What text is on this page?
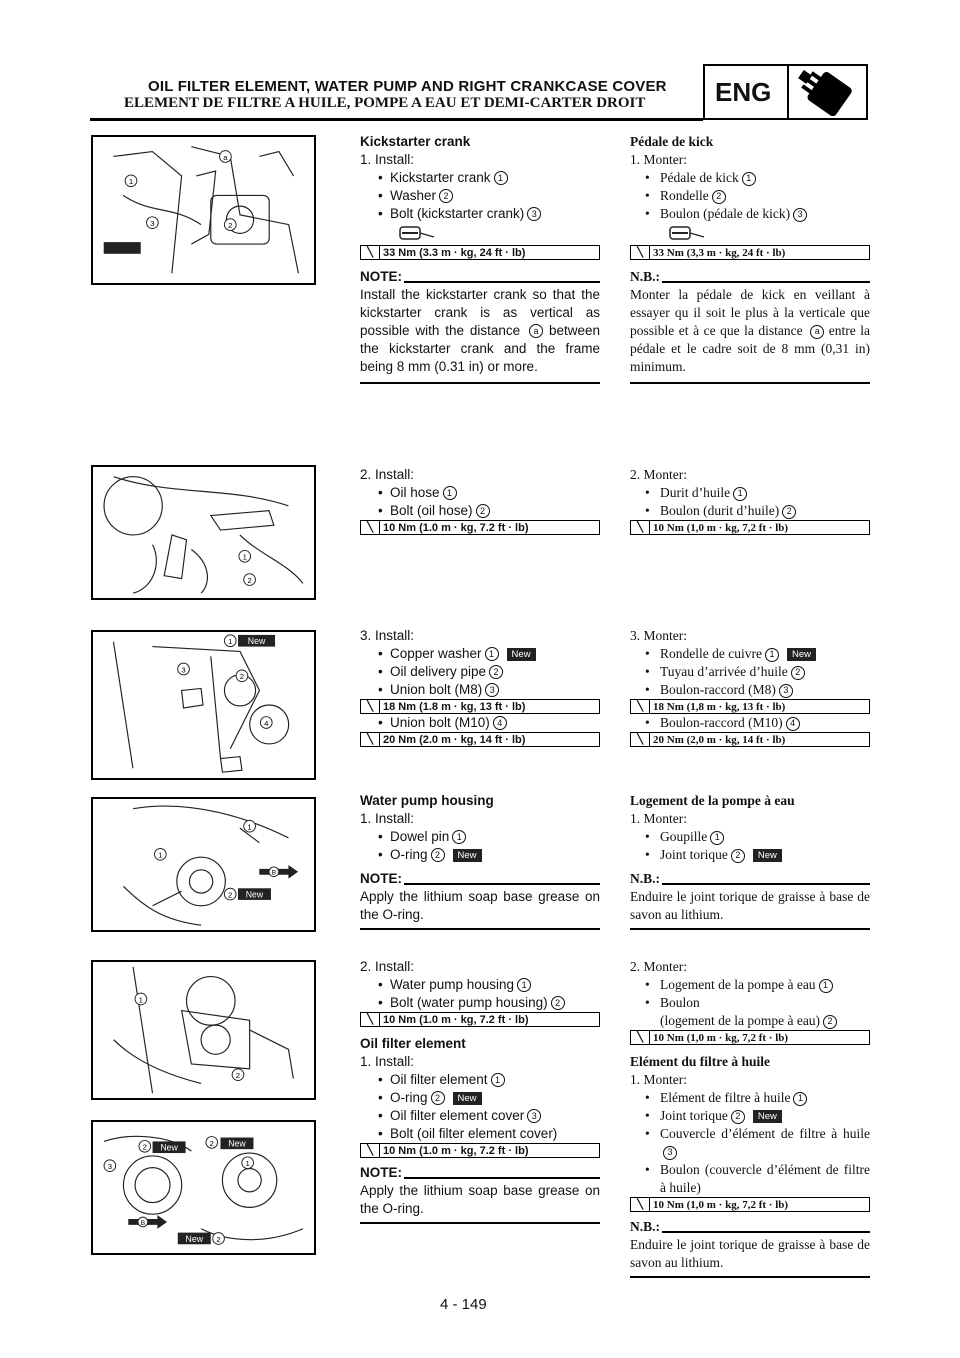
OIL FILTER ELEMENT, WATER PUMP AND RIGHT CRANKCASE COVER
ELEMENT DE FILTRE A HUILE, POMPE A EAU ET DEMI-CARTER DROIT	ENG
1
2
3
a
1
2
New
1
2
3
4
B
New
1
1
2
1
2
New	New
New
B
2	2
1
3
2
Kickstarter crank
1. Install:
• Kickstarter crank 1
• Washer 2
• Bolt (kickstarter crank) 3
╲ 33 Nm (3.3 m · kg, 24 ft · lb)
NOTE:
Install the kickstarter crank so that the kickstarter crank is as vertical as possible with the distance a between the kickstarter crank and the frame being 8 mm (0.31 in) or more.
2. Install:
• Oil hose 1
• Bolt (oil hose) 2
╲ 10 Nm (1.0 m · kg, 7.2 ft · lb)
3. Install:
• Copper washer 1 New
• Oil delivery pipe 2
• Union bolt (M8) 3
╲ 18 Nm (1.8 m · kg, 13 ft · lb)
• Union bolt (M10) 4
╲ 20 Nm (2.0 m · kg, 14 ft · lb)
Water pump housing
1. Install:
• Dowel pin 1
• O-ring 2 New
NOTE:
Apply the lithium soap base grease on the O-ring.
2. Install:
• Water pump housing 1
• Bolt (water pump housing) 2
╲ 10 Nm (1.0 m · kg, 7.2 ft · lb)
Oil filter element
1. Install:
• Oil filter element 1
• O-ring 2 New
• Oil filter element cover 3
• Bolt (oil filter element cover)
╲ 10 Nm (1.0 m · kg, 7.2 ft · lb)
NOTE:
Apply the lithium soap base grease on the O-ring.
Pédale de kick
1. Monter:
• Pédale de kick 1
• Rondelle 2
• Boulon (pédale de kick) 3
╲ 33 Nm (3,3 m · kg, 24 ft · lb)
N.B.:
Monter la pédale de kick en veillant à essayer qu il soit le plus à la verticale que possible et à ce que la distance a entre la pédale et le cadre soit de 8 mm (0,31 in) minimum.
2. Monter:
• Durit d’huile 1
• Boulon (durit d’huile) 2
╲ 10 Nm (1,0 m · kg, 7,2 ft · lb)
3. Monter:
• Rondelle de cuivre 1 New
• Tuyau d’arrivée d’huile 2
• Boulon-raccord (M8) 3
╲ 18 Nm (1,8 m · kg, 13 ft · lb)
• Boulon-raccord (M10) 4
╲ 20 Nm (2,0 m · kg, 14 ft · lb)
Logement de la pompe à eau
1. Monter:
• Goupille 1
• Joint torique 2 New
N.B.:
Enduire le joint torique de graisse à base de savon au lithium.
2. Monter:
• Logement de la pompe à eau 1
• Boulon
(logement de la pompe à eau) 2
╲ 10 Nm (1,0 m · kg, 7,2 ft · lb)
Elément du filtre à huile
1. Monter:
• Elément de filtre à huile 1
• Joint torique 2 New
• Couvercle d’élément de filtre à huile3
• Boulon (couvercle d’élément de filtre à huile)
╲ 10 Nm (1,0 m · kg, 7,2 ft · lb)
N.B.:
Enduire le joint torique de graisse à base de savon au lithium.
4 - 149
